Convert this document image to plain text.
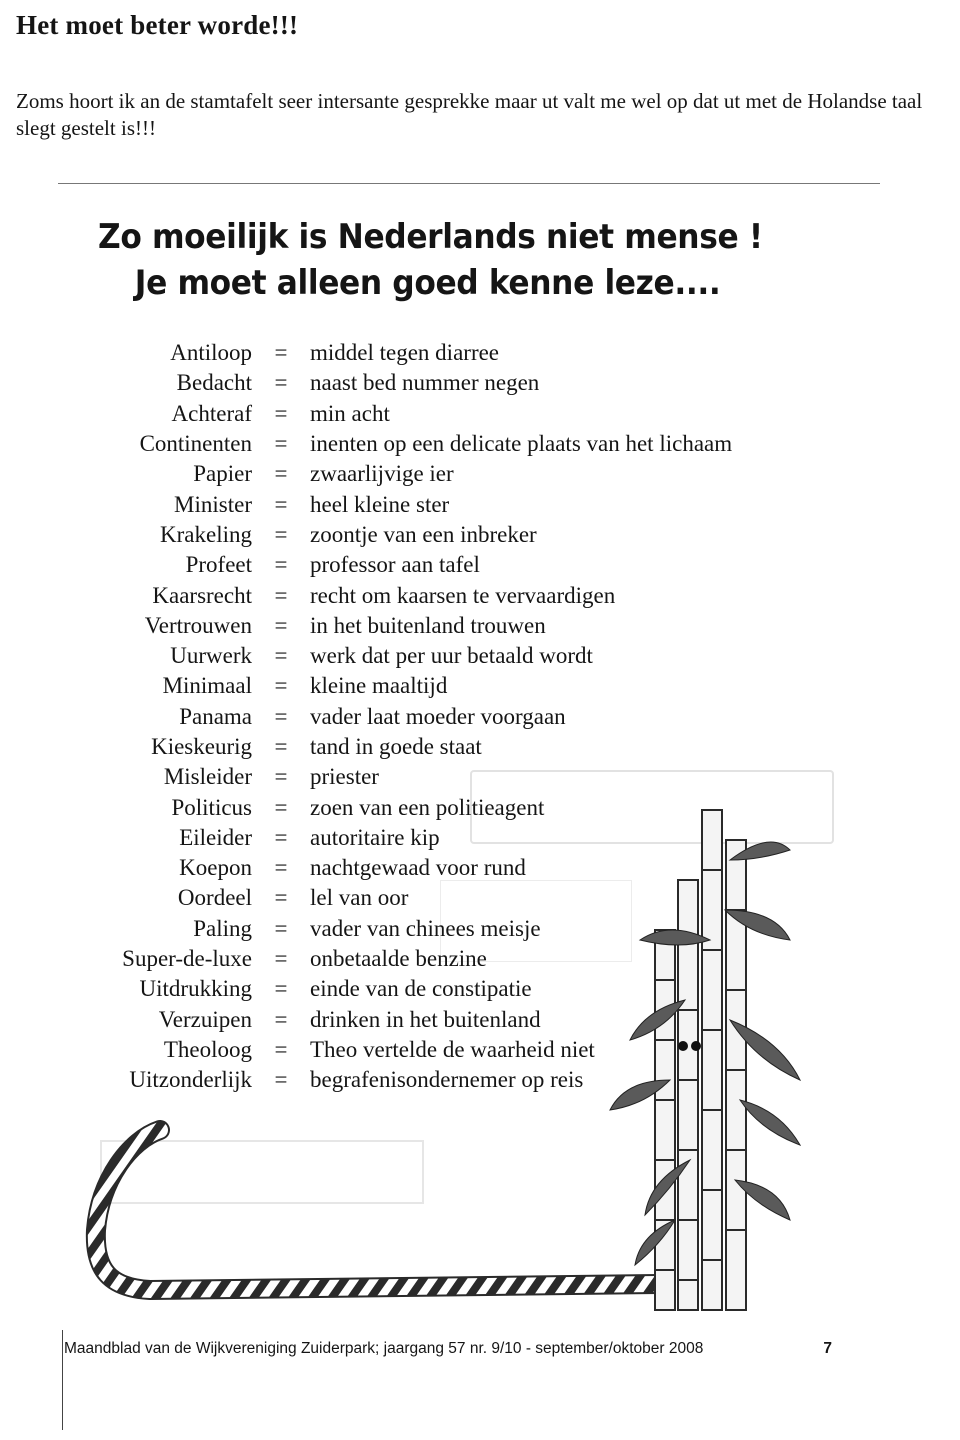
Het moet beter worde!!!

Zoms hoort ik an de stamtafelt seer intersante gesprekke maar ut valt me wel op dat ut met de Holandse taal slegt gestelt is!!!

Zo moeilijk is Nederlands niet mense !
Je moet alleen goed kenne leze....
Antiloop = middel tegen diarree
Bedacht = naast bed nummer negen
Achteraf = min acht
Continenten = inenten op een delicate plaats van het lichaam
Papier = zwaarlijvige ier
Minister = heel kleine ster
Krakeling = zoontje van een inbreker
Profeet = professor aan tafel
Kaarsrecht = recht om kaarsen te vervaardigen
Vertrouwen = in het buitenland trouwen
Uurwerk = werk dat per uur betaald wordt
Minimaal = kleine maaltijd
Panama = vader laat moeder voorgaan
Kieskeurig = tand in goede staat
Misleider = priester
Politicus = zoen van een politieagent
Eileider = autoritaire kip
Koepon = nachtgewaad voor rund
Oordeel = lel van oor
Paling = vader van chinees meisje
Super-de-luxe = onbetaalde benzine
Uitdrukking = einde van de constipatie
Verzuipen = drinken in het buitenland
Theoloog = Theo vertelde de waarheid niet
Uitzonderlijk = begrafenisondernemer op reis
Maandblad van de Wijkvereniging Zuiderpark; jaargang 57 nr. 9/10 - september/oktober 2008	7
